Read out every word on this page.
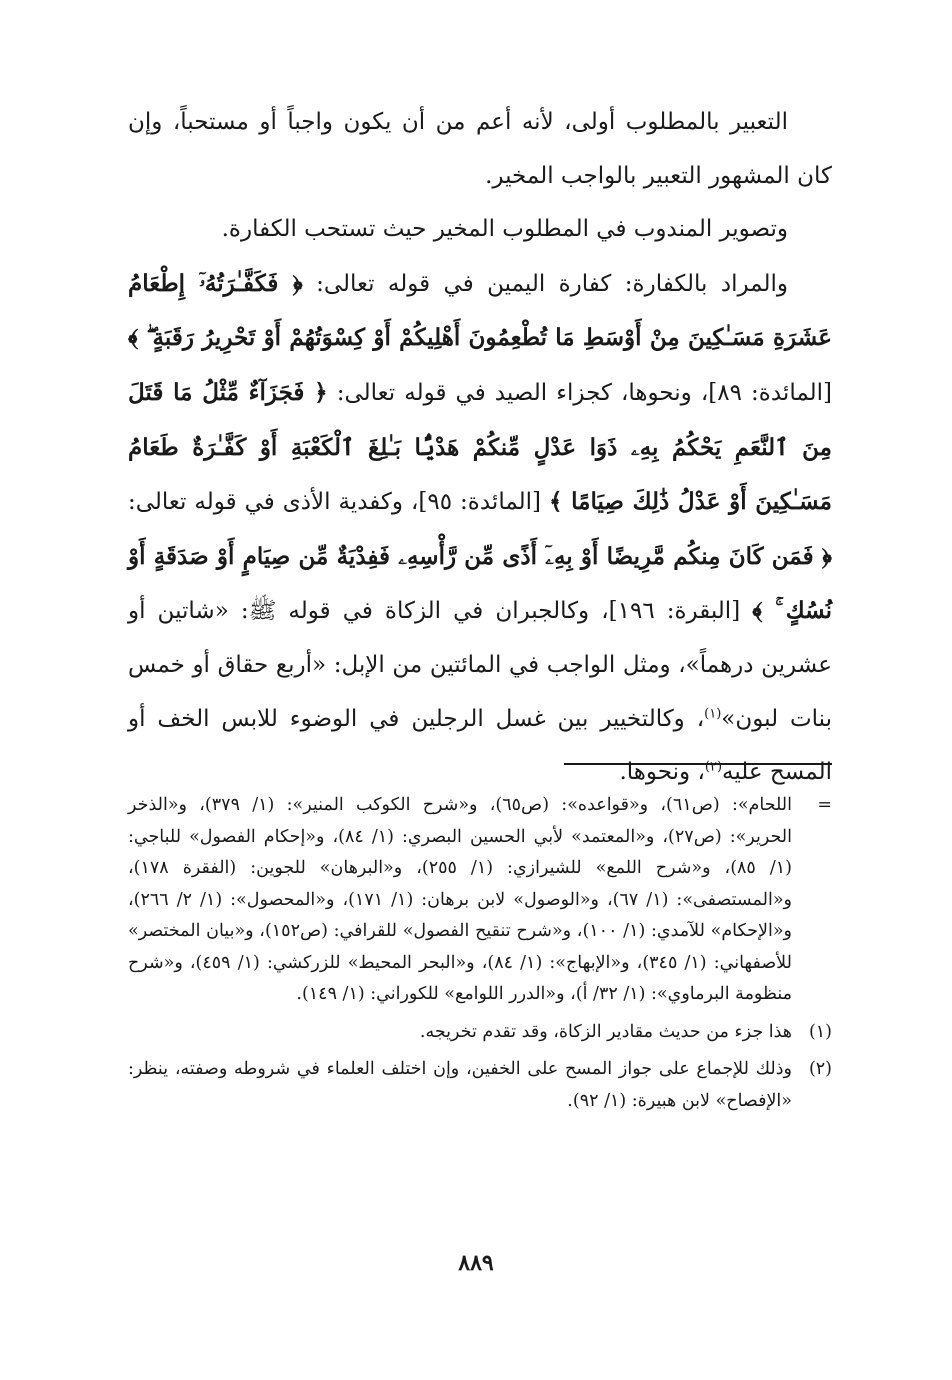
التعبير بالمطلوب أولى، لأنه أعم من أن يكون واجباً أو مستحباً، وإن كان المشهور التعبير بالواجب المخير.

وتصوير المندوب في المطلوب المخير حيث تستحب الكفارة.

والمراد بالكفارة: كفارة اليمين في قوله تعالى: ﴿ فَكَفَّـٰرَتُهُۥٓ إِطْعَامُ عَشَرَةِ مَسَـٰكِينَ مِنْ أَوْسَطِ مَا تُطْعِمُونَ أَهْلِيكُمْ أَوْ كِسْوَتُهُمْ أَوْ تَحْرِيرُ رَقَبَةٍ ۖ ﴾ [المائدة: ٨٩]، ونحوها، كجزاء الصيد في قوله تعالى: ﴿ فَجَزَآءٌ مِّثْلُ مَا قَتَلَ مِنَ ٱلنَّعَمِ يَحْكُمُ بِهِۦ ذَوَا عَدْلٍ مِّنكُمْ هَدْيًۢا بَـٰلِغَ ٱلْكَعْبَةِ أَوْ كَفَّـٰرَةٌ طَعَامُ مَسَـٰكِينَ أَوْ عَدْلُ ذَٰلِكَ صِيَامًا ﴾ [المائدة: ٩٥]، وكفدية الأذى في قوله تعالى: ﴿ فَمَن كَانَ مِنكُم مَّرِيضًا أَوْ بِهِۦٓ أَذًى مِّن رَّأْسِهِۦ فَفِدْيَةٌ مِّن صِيَامٍ أَوْ صَدَقَةٍ أَوْ نُسُكٍ ۚ ﴾ [البقرة: ١٩٦]، وكالجبران في الزكاة في قوله ﷺ: «شاتين أو عشرين درهماً»، ومثل الواجب في المائتين من الإبل: «أربع حقاق أو خمس بنات لبون»$^{(١)}$، وكالتخيير بين غسل الرجلين في الوضوء للابس الخف أو المسح عليه$^{(٢)}$، ونحوها.

=
اللحام»: (ص٦١)، و«قواعده»: (ص٦٥)، و«شرح الكوكب المنير»: (١/ ٣٧٩)، و«الذخر الحرير»: (ص٢٧)، و«المعتمد» لأبي الحسين البصري: (١/ ٨٤)، و«إحكام الفصول» للباجي: (١/ ٨٥)، و«شرح اللمع» للشيرازي: (١/ ٢٥٥)، و«البرهان» للجوين: (الفقرة ١٧٨)، و«المستصفى»: (١/ ٦٧)، و«الوصول» لابن برهان: (١/ ١٧١)، و«المحصول»: (١/ ٢/ ٢٦٦)، و«الإحكام» للآمدي: (١/ ١٠٠)، و«شرح تنقيح الفصول» للقرافي: (ص١٥٢)، و«بيان المختصر» للأصفهاني: (١/ ٣٤٥)، و«الإبهاج»: (١/ ٨٤)، و«البحر المحيط» للزركشي: (١/ ٤٥٩)، و«شرح منظومة البرماوي»: (١/ ٣٢/ أ)، و«الدرر اللوامع» للكوراني: (١/ ١٤٩).
(١)
هذا جزء من حديث مقادير الزكاة، وقد تقدم تخريجه.
(٢)
وذلك للإجماع على جواز المسح على الخفين، وإن اختلف العلماء في شروطه وصفته، ينظر: «الإفصاح» لابن هبيرة: (١/ ٩٢).
٨٨٩
